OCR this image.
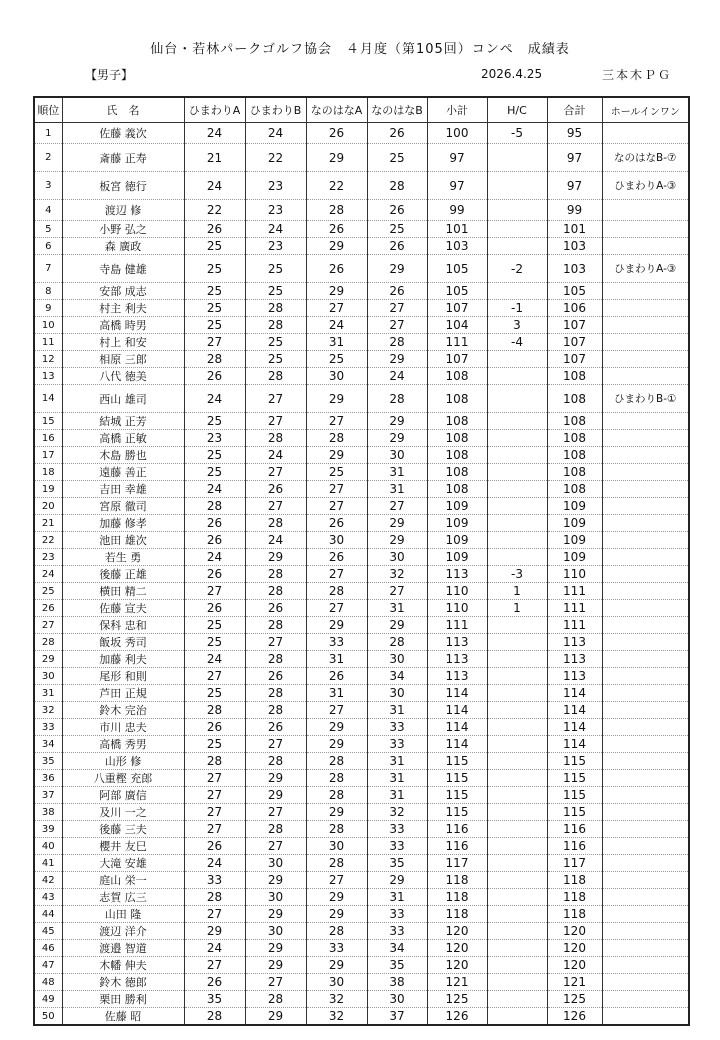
仙台・若林パークゴルフ協会　４月度（第105回）コンペ　成績表
【男子】	2026.4.25	三本木ＰＧ
順位	氏　名	ひまわりA	ひまわりB	なのはなA	なのはなB	小計	H/C	合計	ホールインワン
1	佐藤 義次	24	24	26	26	100	-5	95	
2	斎藤 正寿	21	22	29	25	97		97	なのはなB-⑦
3	板宮 徳行	24	23	22	28	97		97	ひまわりA-③
4	渡辺 修	22	23	28	26	99		99	
5	小野 弘之	26	24	26	25	101		101	
6	森 廣政	25	23	29	26	103		103	
7	寺島 健雄	25	25	26	29	105	-2	103	ひまわりA-③
8	安部 成志	25	25	29	26	105		105	
9	村主 利夫	25	28	27	27	107	-1	106	
10	高橋 時男	25	28	24	27	104	3	107	
11	村上 和安	27	25	31	28	111	-4	107	
12	相原 三郎	28	25	25	29	107		107	
13	八代 徳美	26	28	30	24	108		108	
14	西山 雄司	24	27	29	28	108		108	ひまわりB-①
15	結城 正芳	25	27	27	29	108		108	
16	高橋 正敏	23	28	28	29	108		108	
17	木島 勝也	25	24	29	30	108		108	
18	遠藤 善正	25	27	25	31	108		108	
19	吉田 幸雄	24	26	27	31	108		108	
20	宮原 徹司	28	27	27	27	109		109	
21	加藤 修孝	26	28	26	29	109		109	
22	池田 雄次	26	24	30	29	109		109	
23	若生 勇	24	29	26	30	109		109	
24	後藤 正雄	26	28	27	32	113	-3	110	
25	横田 精二	27	28	28	27	110	1	111	
26	佐藤 宣夫	26	26	27	31	110	1	111	
27	保科 忠和	25	28	29	29	111		111	
28	飯坂 秀司	25	27	33	28	113		113	
29	加藤 利夫	24	28	31	30	113		113	
30	尾形 和則	27	26	26	34	113		113	
31	芦田 正規	25	28	31	30	114		114	
32	鈴木 完治	28	28	27	31	114		114	
33	市川 忠夫	26	26	29	33	114		114	
34	高橋 秀男	25	27	29	33	114		114	
35	山形 修	28	28	28	31	115		115	
36	八重樫 充郎	27	29	28	31	115		115	
37	阿部 廣信	27	29	28	31	115		115	
38	及川 一之	27	27	29	32	115		115	
39	後藤 三夫	27	28	28	33	116		116	
40	櫻井 友巳	26	27	30	33	116		116	
41	大滝 安雄	24	30	28	35	117		117	
42	庭山 栄一	33	29	27	29	118		118	
43	志賀 広三	28	30	29	31	118		118	
44	山田 隆	27	29	29	33	118		118	
45	渡辺 洋介	29	30	28	33	120		120	
46	渡邉 智道	24	29	33	34	120		120	
47	木幡 伸夫	27	29	29	35	120		120	
48	鈴木 徳郎	26	27	30	38	121		121	
49	栗田 勝利	35	28	32	30	125		125	
50	佐藤 昭	28	29	32	37	126		126	
